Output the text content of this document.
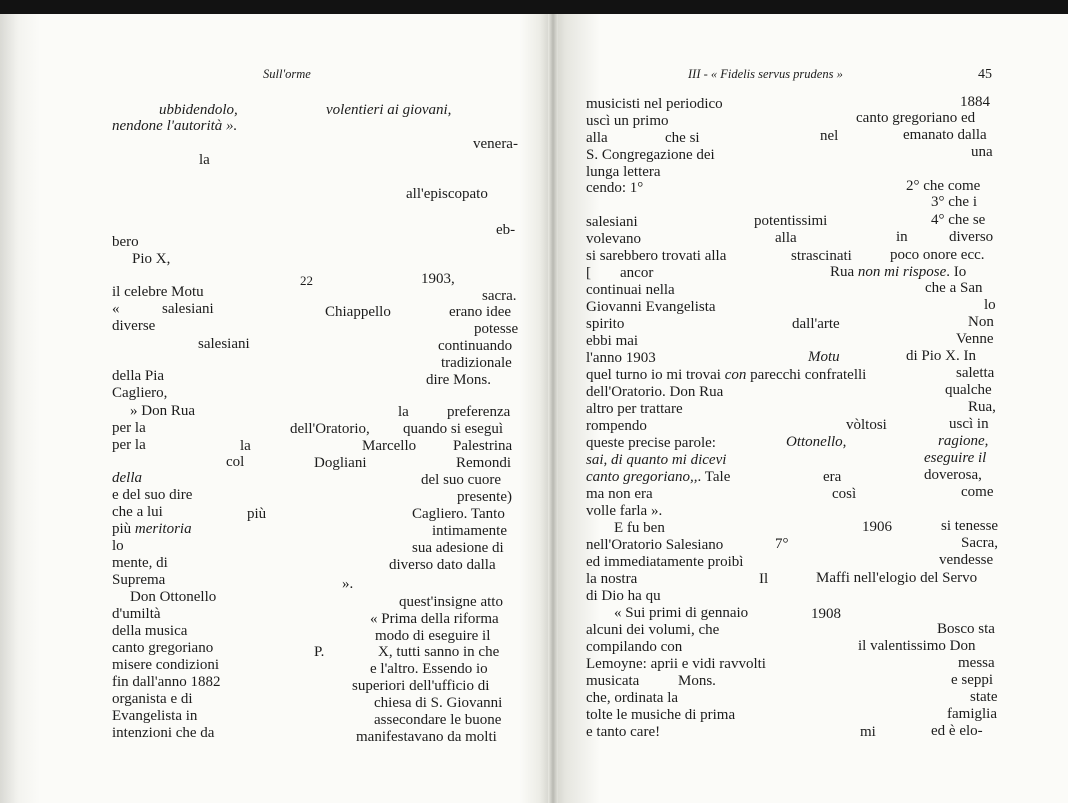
Sull'orme
ubbidendolo,
nendone l'autorità ».
volentieri ai giovani,
venera-
la
all'episcopato
eb-
bero
Pio X,
22	1903,
il celebre Motu	sacra.
«	salesiani	Chiappello	erano idee
diverse	potesse
salesiani	continuando
tradizionale
della Pia	dire Mons.
Cagliero,
» Don Rua	la	preferenza
per la	dell'Oratorio, quando si eseguì
per la	la	Marcello Palestrina
col	Dogliani	Remondi
della	del suo cuore
e del suo dire	presente)
che a lui	più	Cagliero. Tanto
più meritoria	intimamente
lo	sua adesione di
mente, di	diverso dato dalla
Suprema	».
Don Ottonello	quest'insigne atto
d'umiltà	« Prima della riforma
della musica	modo di eseguire il
canto gregoriano	P.	X, tutti sanno in che
misere condizioni	e l'altro. Essendo io
fin dall'anno 1882	superiori dell'ufficio di
organista e di	chiesa di S. Giovanni
Evangelista in	assecondare le buone
intenzioni che da	manifestavano da molti
III - « Fidelis servus prudens »	45
musicisti nel periodico	1884
uscì un primo	canto gregoriano ed
alla	che si	nel	emanato dalla
S. Congregazione dei	una
lunga lettera
cendo: 1°	2° che come
3° che i
salesiani	potentissimi	4° che se
volevano	alla	in	diverso
si sarebbero trovati alla	strascinati	poco onore ecc.
[ ancor	Rua non mi rispose. Io
continuai nella	che a San
Giovanni Evangelista	lo
spirito	dall'arte	Non
ebbi mai	Venne
l'anno 1903	Motu	di Pio X. In
quel turno io mi trovai con parecchi confratelli	saletta
dell'Oratorio. Don Rua	qualche
altro per trattare	Rua,
rompendo	vòltosi	uscì in
queste precise parole:	Ottonello,	ragione,
sai, di quanto mi dicevi	eseguire il
canto gregoriano,,. Tale	era	doverosa,
ma non era	così	come
volle farla ».
E fu ben	1906	si tenesse
nell'Oratorio Salesiano	7°	Sacra,
ed immediatamente proibì	vendesse
la nostra	Il	Maffi nell'elogio del Servo
di Dio ha qu
« Sui primi di gennaio	1908
alcuni dei volumi, che	Bosco sta
compilando con	il valentissimo Don
Lemoyne: aprii e vidi ravvolti	messa
musicata	Mons.	e seppi
che, ordinata la	state
tolte le musiche di prima	famiglia
e tanto care!	mi	ed è elo-
